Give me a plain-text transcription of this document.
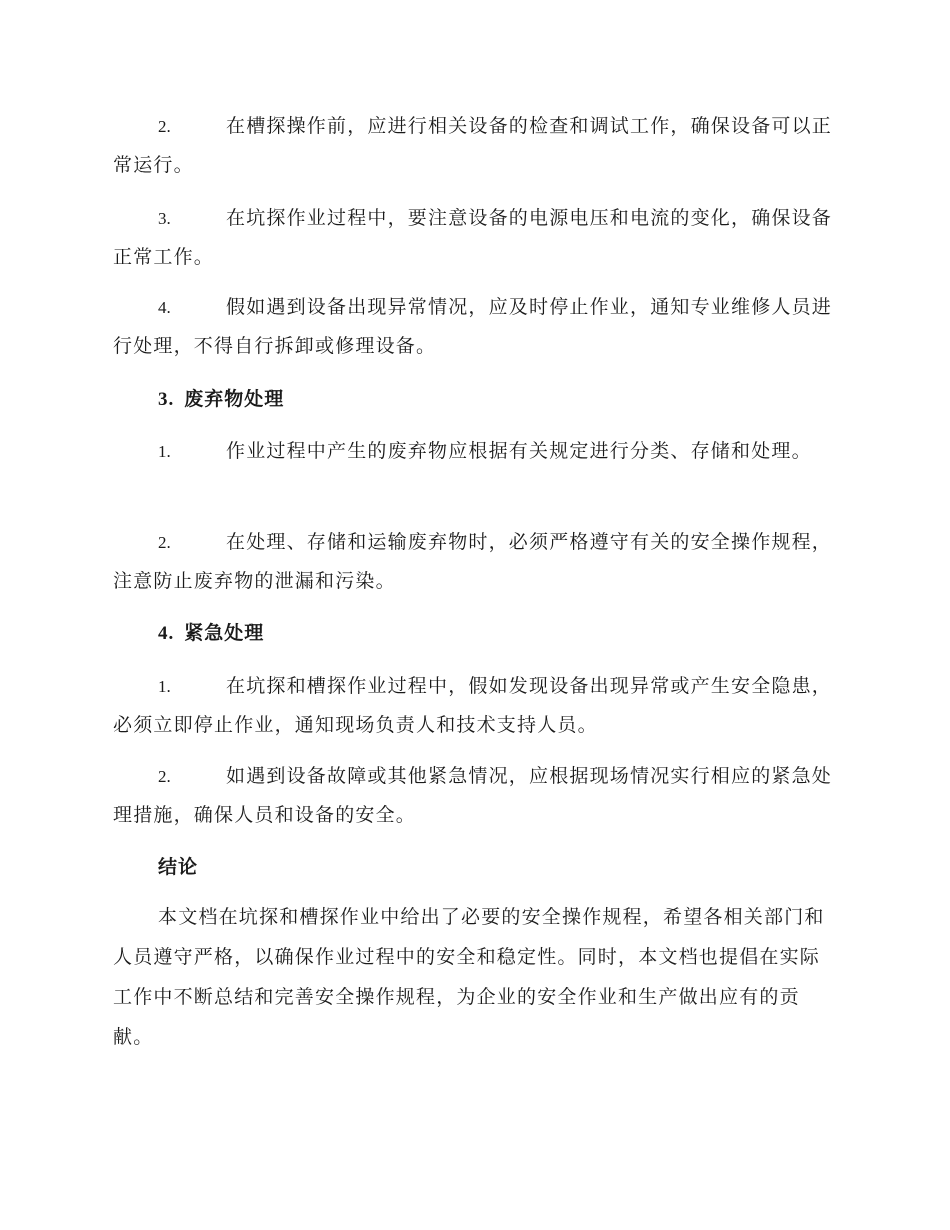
2.	在槽探操作前，应进行相关设备的检查和调试工作，确保设备可以正常运行。
3.	在坑探作业过程中，要注意设备的电源电压和电流的变化，确保设备正常工作。
4.	假如遇到设备出现异常情况，应及时停止作业，通知专业维修人员进行处理，不得自行拆卸或修理设备。
3. 废弃物处理
1.	作业过程中产生的废弃物应根据有关规定进行分类、存储和处理。
2.	在处理、存储和运输废弃物时，必须严格遵守有关的安全操作规程，注意防止废弃物的泄漏和污染。
4. 紧急处理
1.	在坑探和槽探作业过程中，假如发现设备出现异常或产生安全隐患，必须立即停止作业，通知现场负责人和技术支持人员。
2.	如遇到设备故障或其他紧急情况，应根据现场情况实行相应的紧急处理措施，确保人员和设备的安全。
结论
本文档在坑探和槽探作业中给出了必要的安全操作规程，希望各相关部门和人员遵守严格，以确保作业过程中的安全和稳定性。同时，本文档也提倡在实际工作中不断总结和完善安全操作规程，为企业的安全作业和生产做出应有的贡献。
